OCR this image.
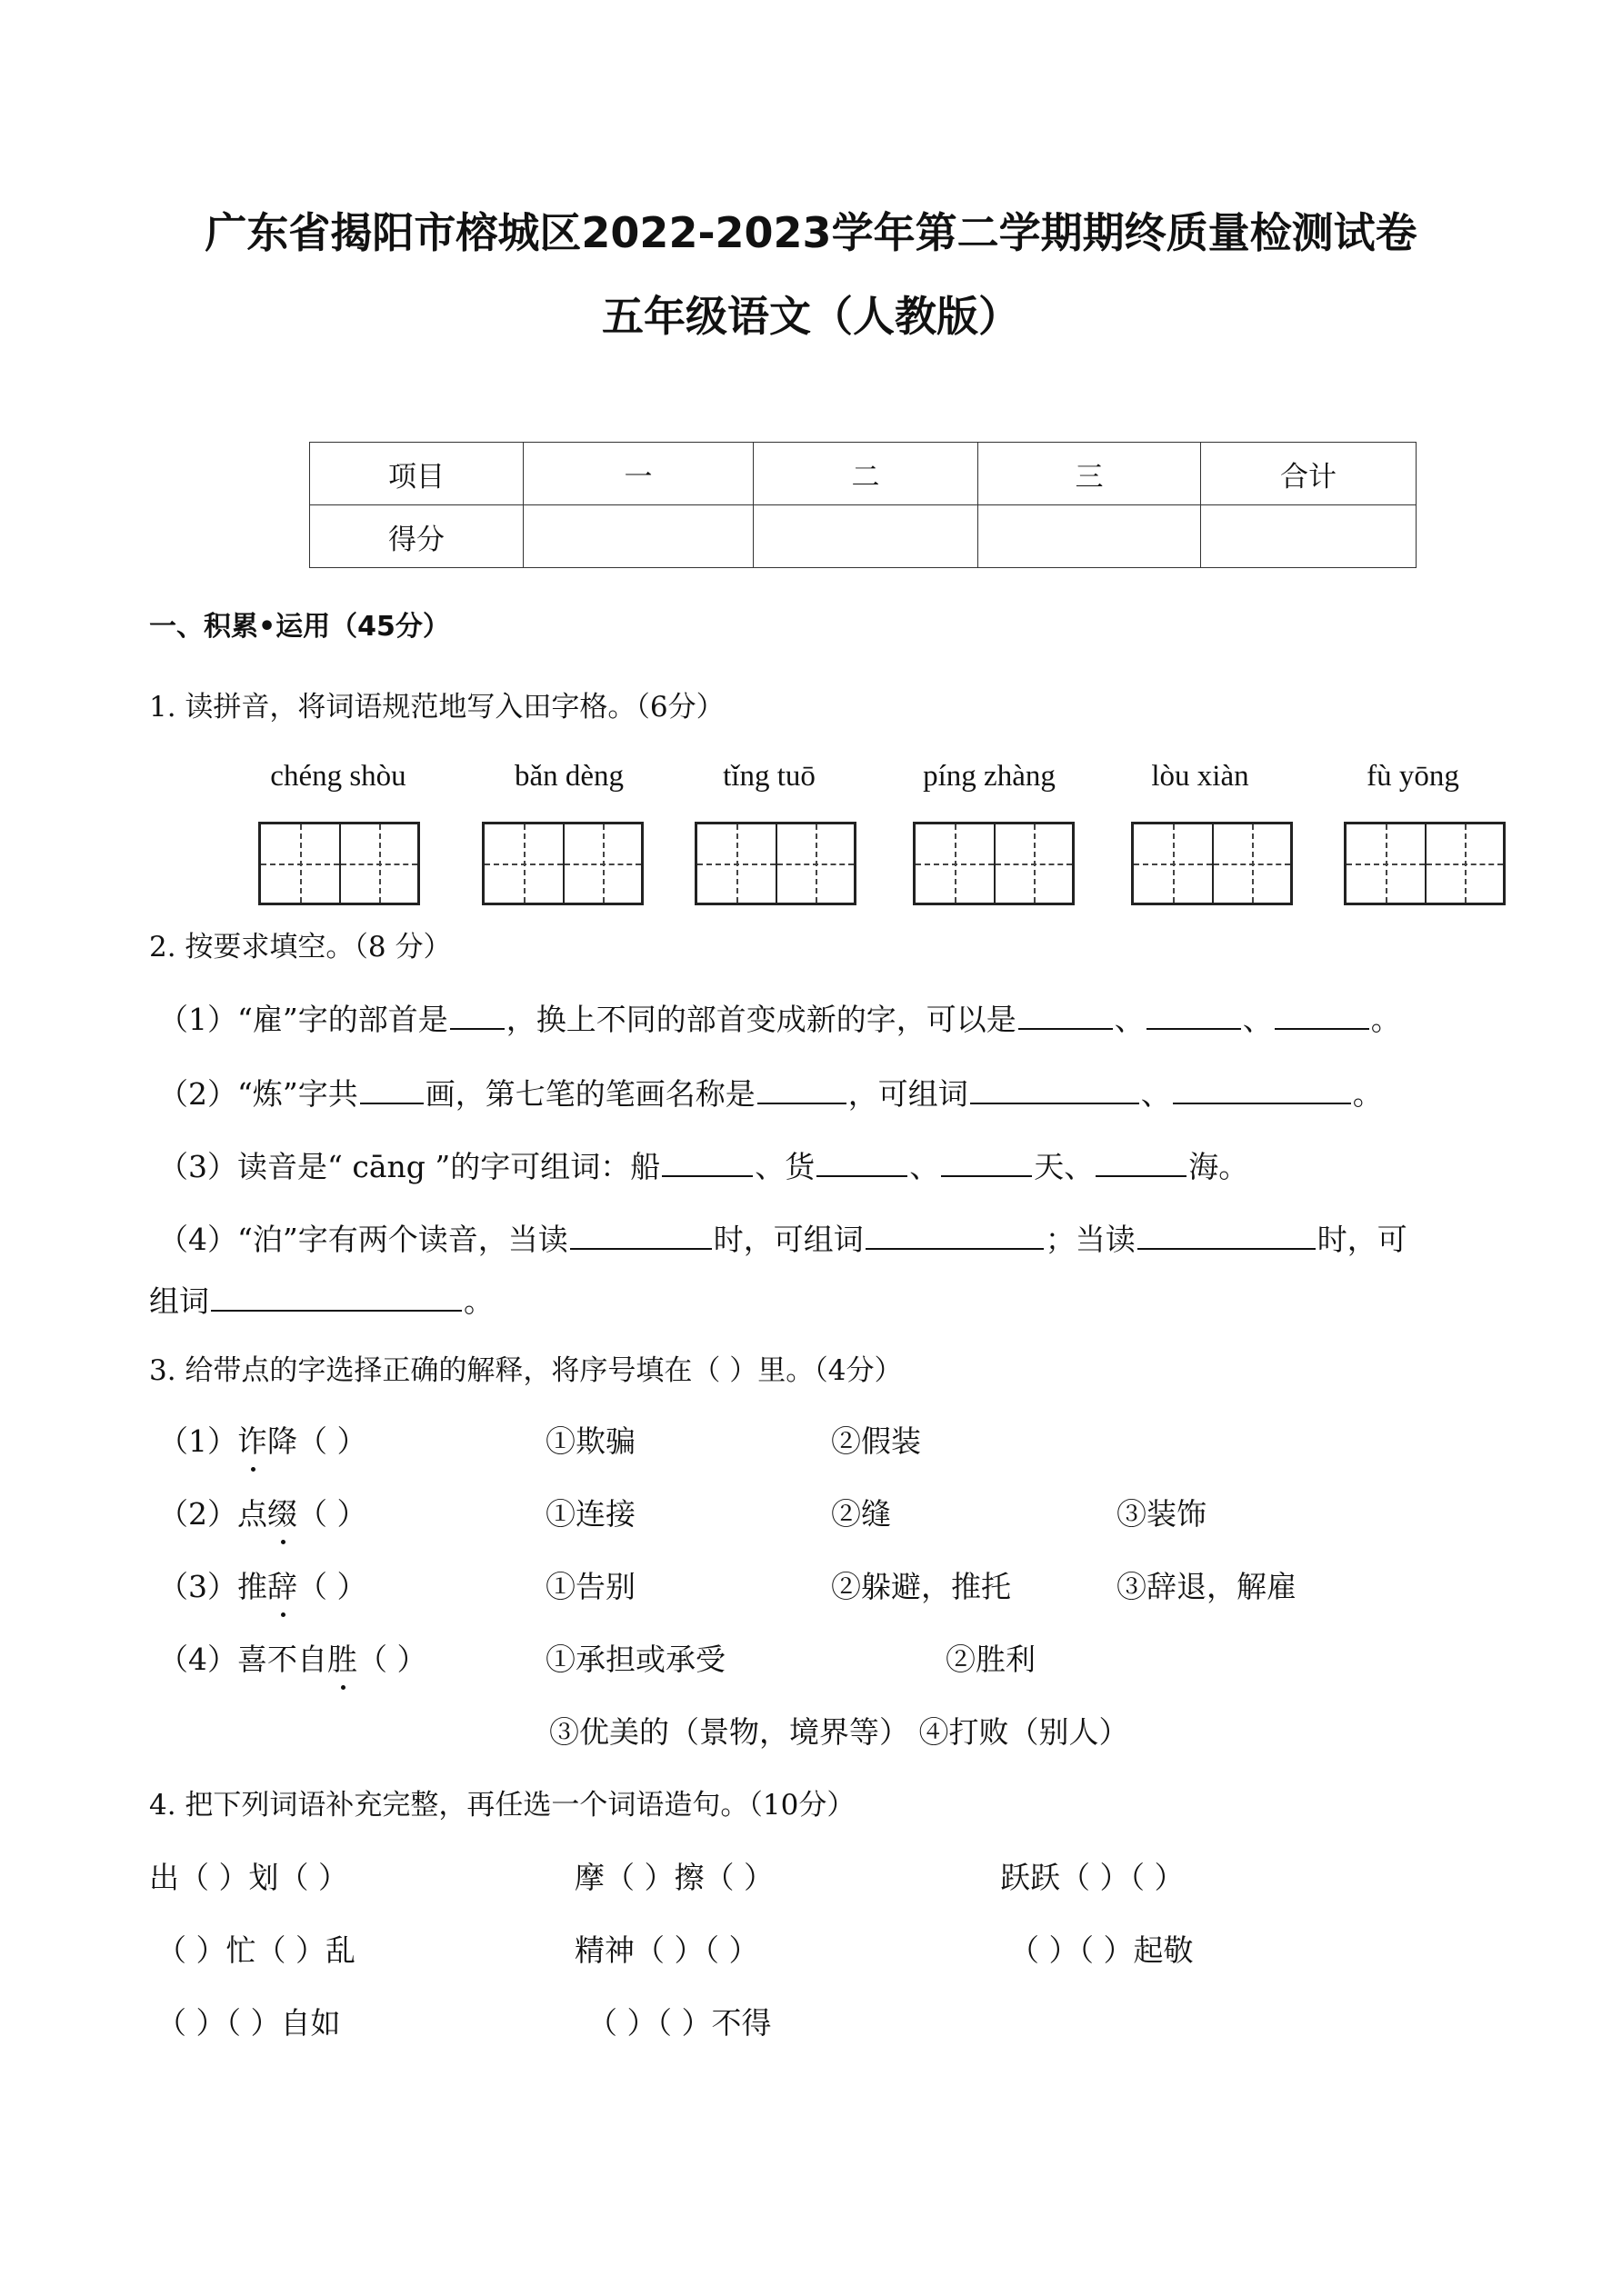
广东省揭阳市榕城区2022-2023学年第二学期期终质量检测试卷
五年级语文（人教版）
项目	一	二	三	合计
得分				
一、积累•运用（45分）
1. 读拼音，将词语规范地写入田字格。（6分）
chéng shòu	bǎn dèng	tǐng tuō	píng zhàng	lòu xiàn	fù yōng
2. 按要求填空。（8 分）
（1）“雇”字的部首是 ，换上不同的部首变成新的字，可以是	、	、	。
（2）“炼”字共 画，第七笔的笔画名称是	，可组词	、	。
（3）读音是“ cāng ”的字可组词：船	、货	、	天、	海。
（4）“泊”字有两个读音，当读	时，可组词	；当读	时，可
组词	。
3. 给带点的字选择正确的解释，将序号填在（ ）里。（4分）
（1）诈降（ ）	①欺骗	②假装
（2）点缀（ ）	①连接	②缝	③装饰
（3）推辞（ ）	①告别	②躲避，推托	③辞退，解雇
（4）喜不自胜（ ）	①承担或承受	②胜利
③优美的（景物，境界等） ④打败（别人）
4. 把下列词语补充完整，再任选一个词语造句。（10分）
出（ ）划（ ）	摩（ ）擦（ ）	跃跃（ ）（ ）
（ ）忙（ ）乱	精神（ ）（ ）	（ ）（ ）起敬
（ ）（ ）自如	（ ）（ ）不得
